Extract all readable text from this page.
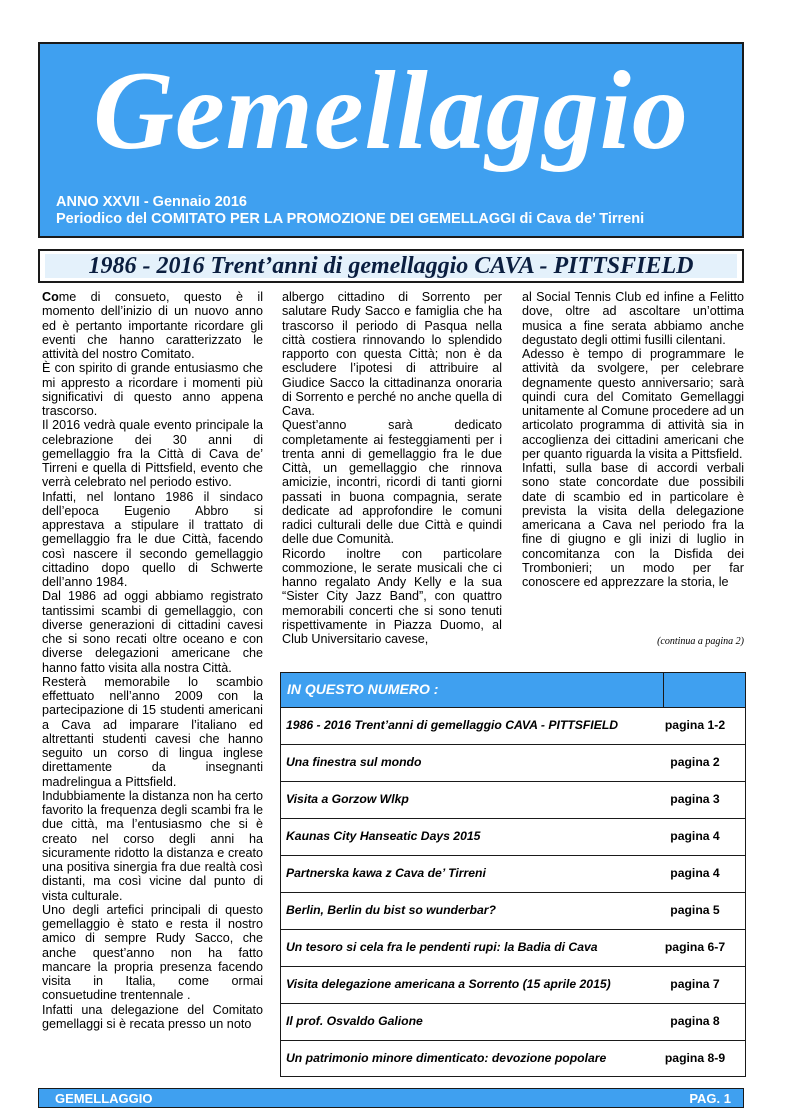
Gemellaggio
ANNO XXVII - Gennaio 2016
Periodico del COMITATO PER LA PROMOZIONE DEI GEMELLAGGI di Cava de’ Tirreni
1986 - 2016 Trent’anni di gemellaggio CAVA - PITTSFIELD

Come di consueto, questo è il momento dell’inizio di un nuovo anno ed è pertanto importante ricordare gli eventi che hanno caratterizzato le attività del nostro Comitato.

È con spirito di grande entusiasmo che mi appresto a ricordare i momenti più significativi di questo anno appena trascorso.

Il 2016 vedrà quale evento principale la celebrazione dei 30 anni di gemellaggio fra la Città di Cava de’ Tirreni e quella di Pittsfield, evento che verrà celebrato nel periodo estivo.

Infatti, nel lontano 1986 il sindaco dell’epoca Eugenio Abbro si apprestava a stipulare il trattato di gemellaggio fra le due Città, facendo così nascere il secondo gemellaggio cittadino dopo quello di Schwerte dell’anno 1984.

Dal 1986 ad oggi abbiamo registrato tantissimi scambi di gemellaggio, con diverse generazioni di cittadini cavesi che si sono recati oltre oceano e con diverse delegazioni americane che hanno fatto visita alla nostra Città.

Resterà memorabile lo scambio effettuato nell’anno 2009 con la partecipazione di 15 studenti americani a Cava ad imparare l’italiano ed altrettanti studenti cavesi che hanno seguito un corso di lingua inglese direttamente da insegnanti madrelingua a Pittsfield.

Indubbiamente la distanza non ha certo favorito la frequenza degli scambi fra le due città, ma l’entusiasmo che si è creato nel corso degli anni ha sicuramente ridotto la distanza e creato una positiva sinergia fra due realtà così distanti, ma così vicine dal punto di vista culturale.

Uno degli artefici principali di questo gemellaggio è stato e resta il nostro amico di sempre Rudy Sacco, che anche quest’anno non ha fatto mancare la propria presenza facendo visita in Italia, come ormai consuetudine trentennale .

Infatti una delegazione del Comitato gemellaggi si è recata presso un noto

albergo cittadino di Sorrento per salutare Rudy Sacco e famiglia che ha trascorso il periodo di Pasqua nella città costiera rinnovando lo splendido rapporto con questa Città; non è da escludere l’ipotesi di attribuire al Giudice Sacco la cittadinanza onoraria di Sorrento e perché no anche quella di Cava.

Quest’anno sarà dedicato completamente ai festeggiamenti per i trenta anni di gemellaggio fra le due Città, un gemellaggio che rinnova amicizie, incontri, ricordi di tanti giorni passati in buona compagnia, serate dedicate ad approfondire le comuni radici culturali delle due Città e quindi delle due Comunità.

Ricordo inoltre con particolare commozione, le serate musicali che ci hanno regalato Andy Kelly e la sua “Sister City Jazz Band”, con quattro memorabili concerti che si sono tenuti rispettivamente in Piazza Duomo, al Club Universitario cavese,

al Social Tennis Club ed infine a Felitto dove, oltre ad ascoltare un’ottima musica a fine serata abbiamo anche degustato degli ottimi fusilli cilentani.

Adesso è tempo di programmare le attività da svolgere, per celebrare degnamente questo anniversario; sarà quindi cura del Comitato Gemellaggi unitamente al Comune procedere ad un articolato programma di attività sia in accoglienza dei cittadini americani che per quanto riguarda la visita a Pittsfield.

Infatti, sulla base di accordi verbali sono state concordate due possibili date di scambio ed in particolare è prevista la visita della delegazione americana a Cava nel periodo fra la fine di giugno e gli inizi di luglio in concomitanza con la Disfida dei Trombonieri; un modo per far conoscere ed apprezzare la storia, le

(continua a pagina 2)
IN QUESTO NUMERO :
1986 - 2016 Trent’anni di gemellaggio CAVA - PITTSFIELD	pagina 1-2
Una finestra sul mondo	pagina 2
Visita a Gorzow Wlkp	pagina 3
Kaunas City Hanseatic Days 2015	pagina 4
Partnerska kawa z Cava de’ Tirreni	pagina 4
Berlin, Berlin du bist so wunderbar?	pagina 5
Un tesoro si cela fra le pendenti rupi: la Badia di Cava	pagina 6-7
Visita delegazione americana a Sorrento (15 aprile 2015)	pagina 7
Il prof. Osvaldo Galione	pagina 8
Un patrimonio minore dimenticato: devozione popolare	pagina 8-9
GEMELLAGGIO	PAG. 1
